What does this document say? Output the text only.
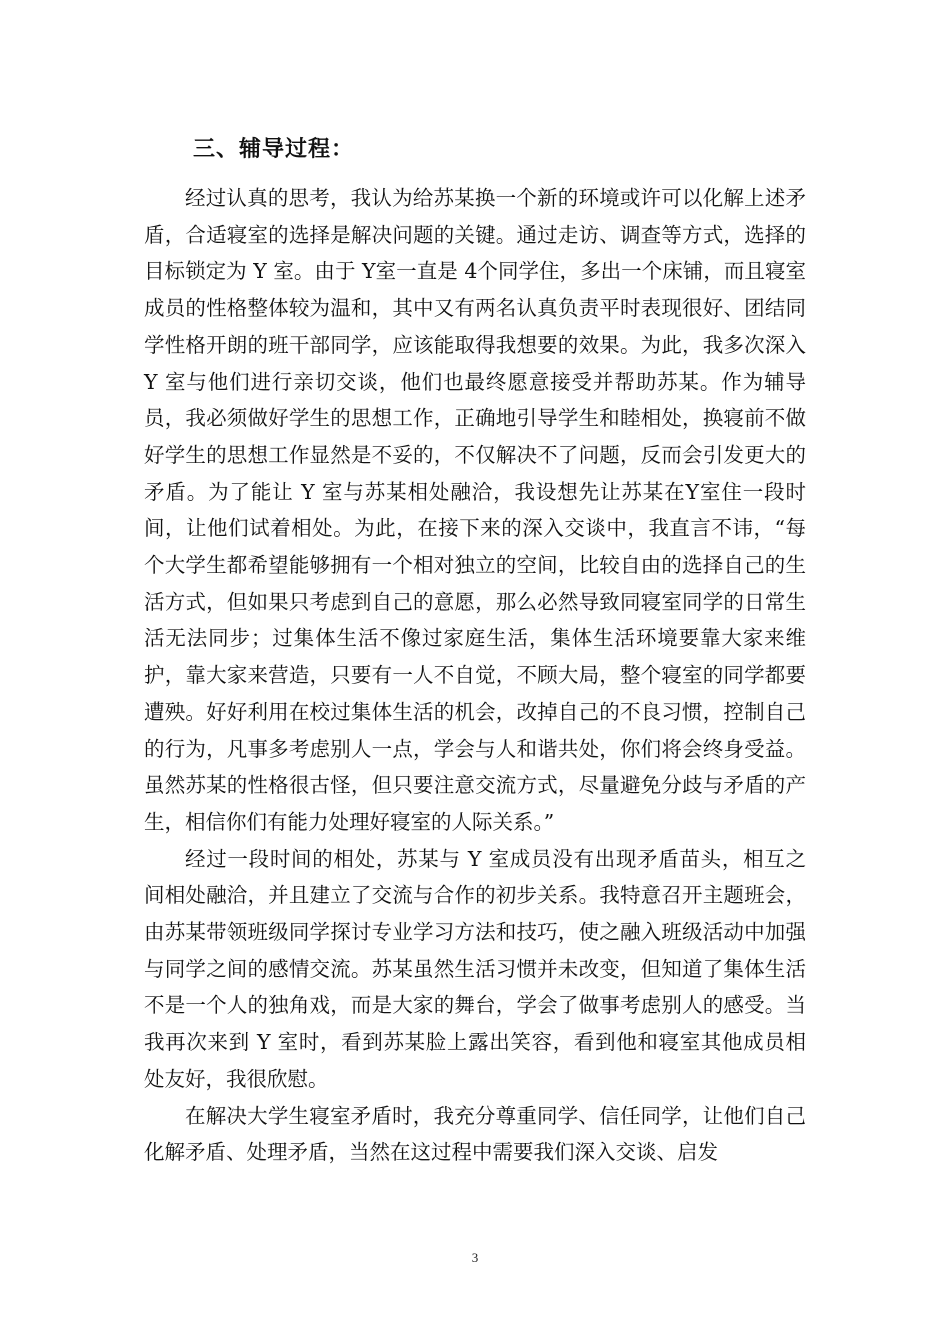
三、辅导过程：

经过认真的思考，我认为给苏某换一个新的环境或许可以化解上述矛盾，合适寝室的选择是解决问题的关键。通过走访、调查等方式，选择的目标锁定为 Y 室。由于 Y室一直是 4个同学住，多出一个床铺，而且寝室成员的性格整体较为温和，其中又有两名认真负责平时表现很好、团结同学性格开朗的班干部同学，应该能取得我想要的效果。为此，我多次深入 Y 室与他们进行亲切交谈，他们也最终愿意接受并帮助苏某。作为辅导员，我必须做好学生的思想工作，正确地引导学生和睦相处，换寝前不做好学生的思想工作显然是不妥的，不仅解决不了问题，反而会引发更大的矛盾。为了能让 Y 室与苏某相处融洽，我设想先让苏某在Y室住一段时间，让他们试着相处。为此，在接下来的深入交谈中，我直言不讳，“每个大学生都希望能够拥有一个相对独立的空间，比较自由的选择自己的生活方式，但如果只考虑到自己的意愿，那么必然导致同寝室同学的日常生活无法同步；过集体生活不像过家庭生活，集体生活环境要靠大家来维护，靠大家来营造，只要有一人不自觉，不顾大局，整个寝室的同学都要遭殃。好好利用在校过集体生活的机会，改掉自己的不良习惯，控制自己的行为，凡事多考虑别人一点，学会与人和谐共处，你们将会终身受益。虽然苏某的性格很古怪，但只要注意交流方式，尽量避免分歧与矛盾的产生，相信你们有能力处理好寝室的人际关系。”

经过一段时间的相处，苏某与 Y 室成员没有出现矛盾苗头，相互之间相处融洽，并且建立了交流与合作的初步关系。我特意召开主题班会，由苏某带领班级同学探讨专业学习方法和技巧，使之融入班级活动中加强与同学之间的感情交流。苏某虽然生活习惯并未改变，但知道了集体生活不是一个人的独角戏，而是大家的舞台，学会了做事考虑别人的感受。当我再次来到 Y 室时，看到苏某脸上露出笑容，看到他和寝室其他成员相处友好，我很欣慰。

在解决大学生寝室矛盾时，我充分尊重同学、信任同学，让他们自己化解矛盾、处理矛盾，当然在这过程中需要我们深入交谈、启发

3
